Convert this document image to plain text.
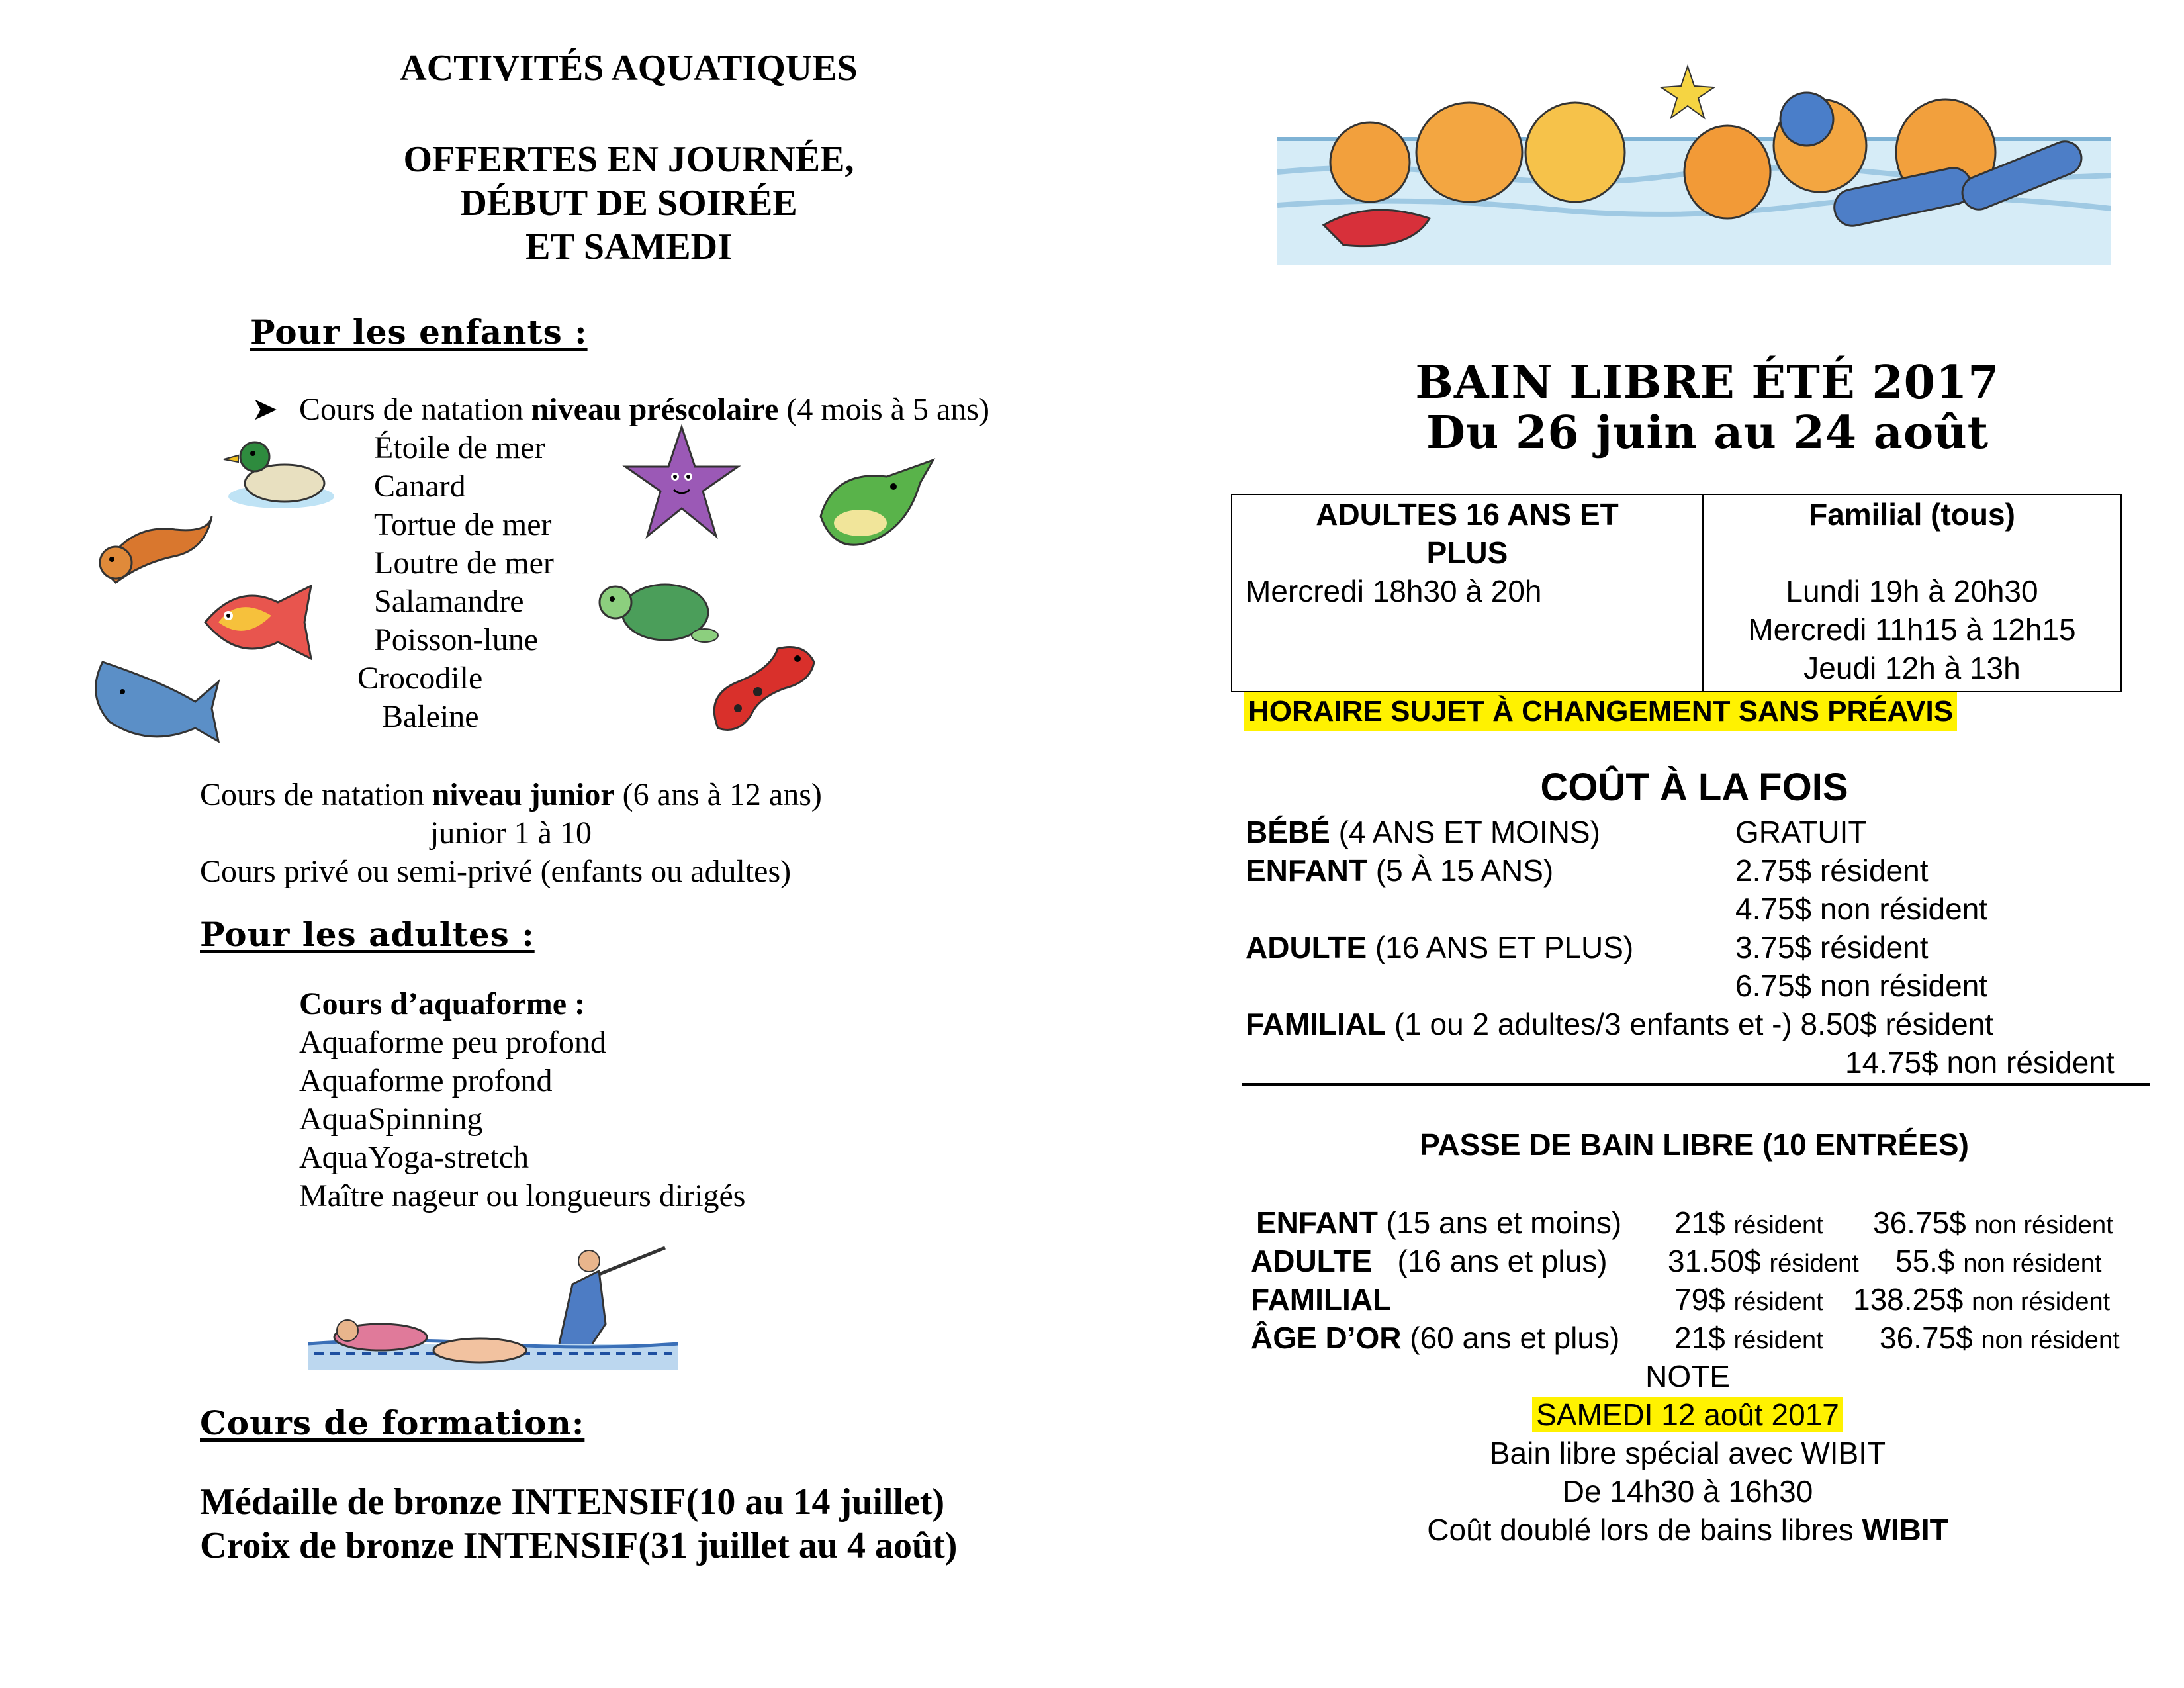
ACTIVITÉS AQUATIQUES
OFFERTES EN JOURNÉE,
DÉBUT DE SOIRÉE
ET SAMEDI
Pour les enfants :
➤ Cours de natation niveau préscolaire (4 mois à 5 ans)
Étoile de mer
Canard
Tortue de mer
Loutre de mer
Salamandre
Poisson-lune
Crocodile
Baleine
Cours de natation niveau junior (6 ans à 12 ans)
junior 1 à 10
Cours privé ou semi-privé (enfants ou adultes)
Pour les adultes :
Cours d’aquaforme :
Aquaforme peu profond
Aquaforme profond
AquaSpinning
AquaYoga-stretch
Maître nageur ou longueurs dirigés
Cours de formation:
Médaille de bronze INTENSIF(10 au 14 juillet)
Croix de bronze INTENSIF(31 juillet au 4 août)
BAIN LIBRE ÉTÉ 2017
Du 26 juin au 24 août
ADULTES 16 ANS ET PLUS
Mercredi 18h30 à 20h

Familial (tous)
Lundi 19h à 20h30
Mercredi 11h15 à 12h15
Jeudi 12h à 13h
HORAIRE SUJET À CHANGEMENT SANS PRÉAVIS
COÛT À LA FOIS
BÉBÉ (4 ANS ET MOINS)	GRATUIT
ENFANT (5 À 15 ANS)	2.75$ résident
4.75$ non résident
ADULTE (16 ANS ET PLUS)	3.75$ résident
6.75$ non résident
FAMILIAL (1 ou 2 adultes/3 enfants et -) 8.50$ résident
14.75$ non résident
PASSE DE BAIN LIBRE (10 ENTRÉES)
ENFANT (15 ans et moins) 21$ résident 36.75$ non résident
ADULTE   (16 ans et plus) 31.50$ résident 55.$ non résident
FAMILIAL	79$ résident 138.25$ non résident
ÂGE D’OR (60 ans et plus) 21$ résident 36.75$ non résident
NOTE
SAMEDI 12 août 2017
Bain libre spécial avec WIBIT
De 14h30 à 16h30
Coût doublé lors de bains libres WIBIT
